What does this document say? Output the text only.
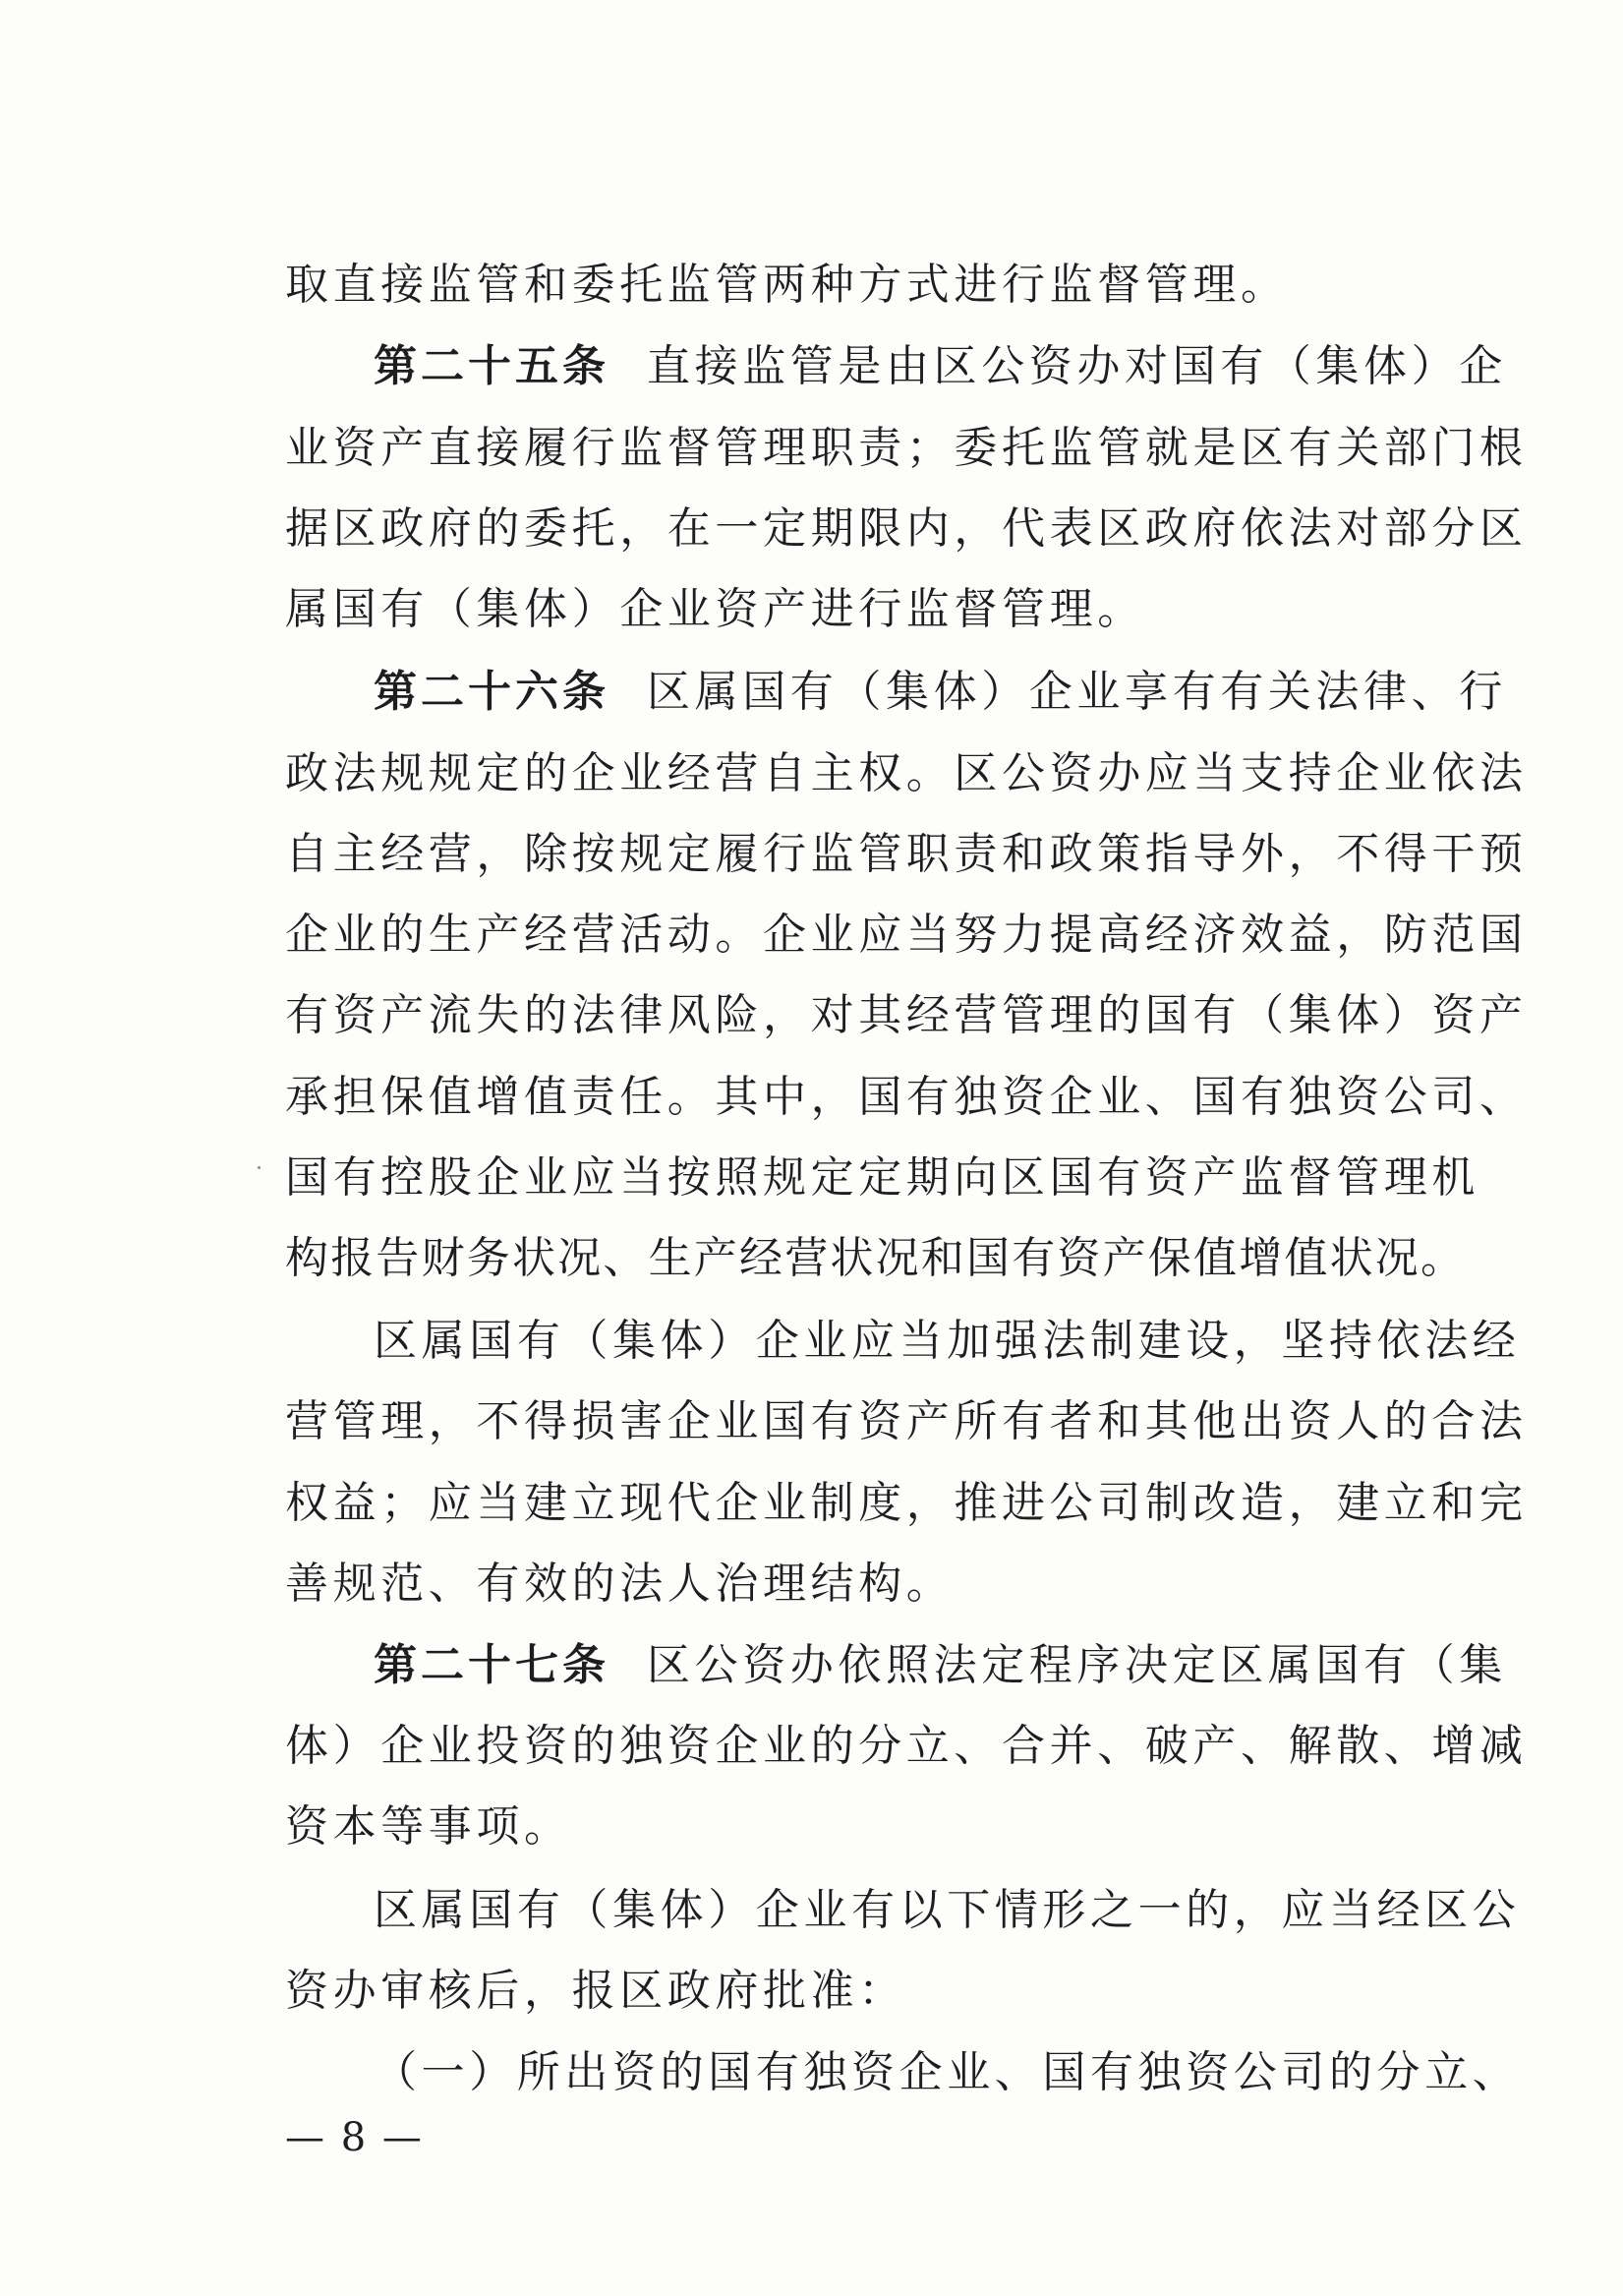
取直接监管和委托监管两种方式进行监督管理。
第二十五条 直接监管是由区公资办对国有（集体）企
业资产直接履行监督管理职责；委托监管就是区有关部门根
据区政府的委托，在一定期限内，代表区政府依法对部分区
属国有（集体）企业资产进行监督管理。
第二十六条 区属国有（集体）企业享有有关法律、行
政法规规定的企业经营自主权。区公资办应当支持企业依法
自主经营，除按规定履行监管职责和政策指导外，不得干预
企业的生产经营活动。企业应当努力提高经济效益，防范国
有资产流失的法律风险，对其经营管理的国有（集体）资产
承担保值增值责任。其中，国有独资企业、国有独资公司、
国有控股企业应当按照规定定期向区国有资产监督管理机
构报告财务状况、生产经营状况和国有资产保值增值状况。
区属国有（集体）企业应当加强法制建设，坚持依法经
营管理，不得损害企业国有资产所有者和其他出资人的合法
权益；应当建立现代企业制度，推进公司制改造，建立和完
善规范、有效的法人治理结构。
第二十七条 区公资办依照法定程序决定区属国有（集
体）企业投资的独资企业的分立、合并、破产、解散、增减
资本等事项。
区属国有（集体）企业有以下情形之一的，应当经区公
资办审核后，报区政府批准：
（一）所出资的国有独资企业、国有独资公司的分立、
— 8 —
